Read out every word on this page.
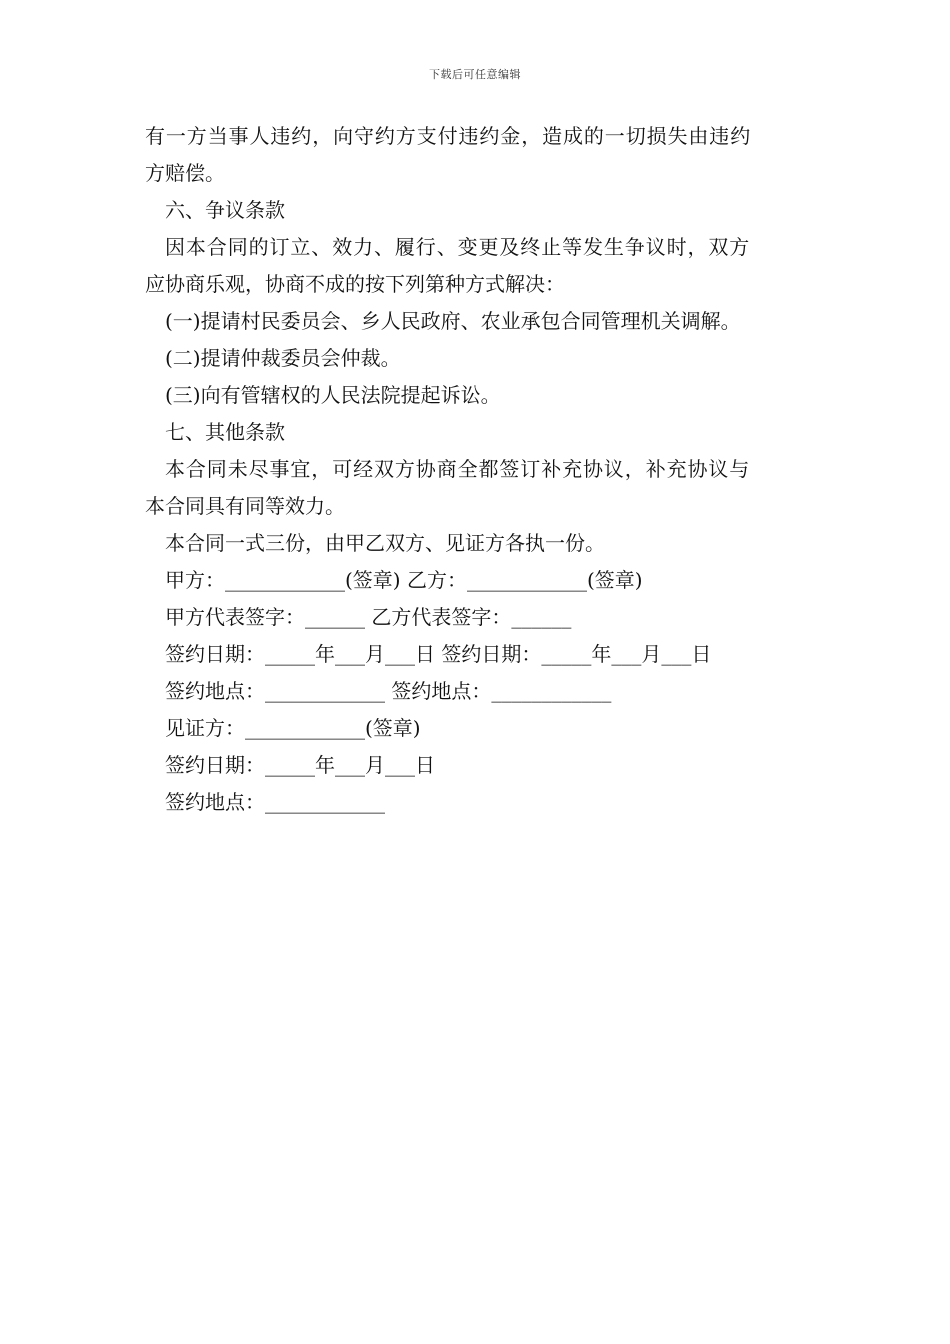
下载后可任意编辑
有一方当事人违约，向守约方支付违约金，造成的一切损失由违约
方赔偿。
六、争议条款
因本合同的订立、效力、履行、变更及终止等发生争议时，双方
应协商乐观，协商不成的按下列第种方式解决：
(一)提请村民委员会、乡人民政府、农业承包合同管理机关调解。
(二)提请仲裁委员会仲裁。
(三)向有管辖权的人民法院提起诉讼。
七、其他条款
本合同未尽事宜，可经双方协商全都签订补充协议，补充协议与
本合同具有同等效力。
本合同一式三份，由甲乙双方、见证方各执一份。
甲方：____________(签章) 乙方：____________(签章)
甲方代表签字：______ 乙方代表签字：______
签约日期：_____年___月___日 签约日期：_____年___月___日
签约地点：____________ 签约地点：____________
见证方：____________(签章)
签约日期：_____年___月___日
签约地点：____________
